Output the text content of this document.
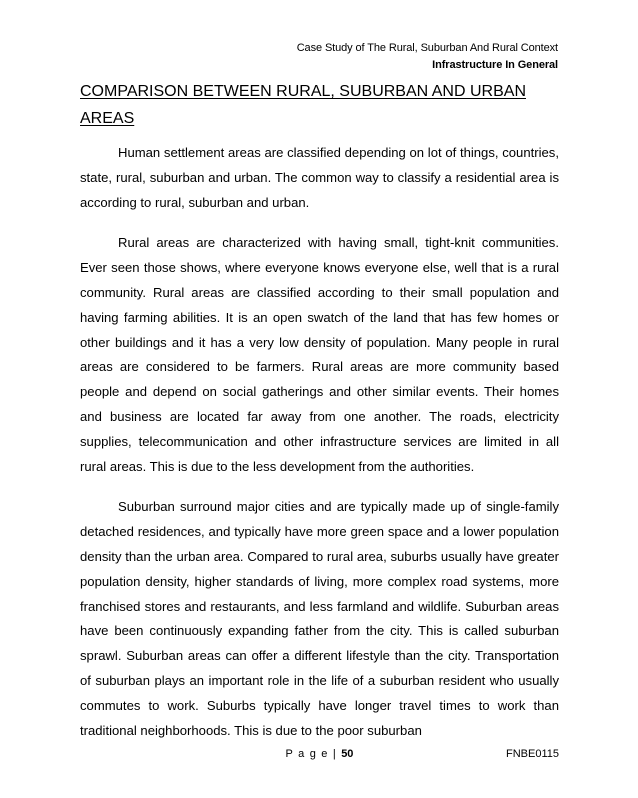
Case Study of The Rural, Suburban And Rural Context
Infrastructure In General
COMPARISON BETWEEN RURAL, SUBURBAN AND URBAN AREAS

Human settlement areas are classified depending on lot of things, countries, state, rural, suburban and urban. The common way to classify a residential area is according to rural, suburban and urban.

Rural areas are characterized with having small, tight-knit communities. Ever seen those shows, where everyone knows everyone else, well that is a rural community. Rural areas are classified according to their small population and having farming abilities. It is an open swatch of the land that has few homes or other buildings and it has a very low density of population. Many people in rural areas are considered to be farmers. Rural areas are more community based people and depend on social gatherings and other similar events. Their homes and business are located far away from one another. The roads, electricity supplies, telecommunication and other infrastructure services are limited in all rural areas. This is due to the less development from the authorities.

Suburban surround major cities and are typically made up of single-family detached residences, and typically have more green space and a lower population density than the urban area. Compared to rural area, suburbs usually have greater population density, higher standards of living, more complex road systems, more franchised stores and restaurants, and less farmland and wildlife. Suburban areas have been continuously expanding father from the city. This is called suburban sprawl. Suburban areas can offer a different lifestyle than the city. Transportation of suburban plays an important role in the life of a suburban resident who usually commutes to work. Suburbs typically have longer travel times to work than traditional neighborhoods. This is due to the poor suburban

P a g e | 50	FNBE0115
